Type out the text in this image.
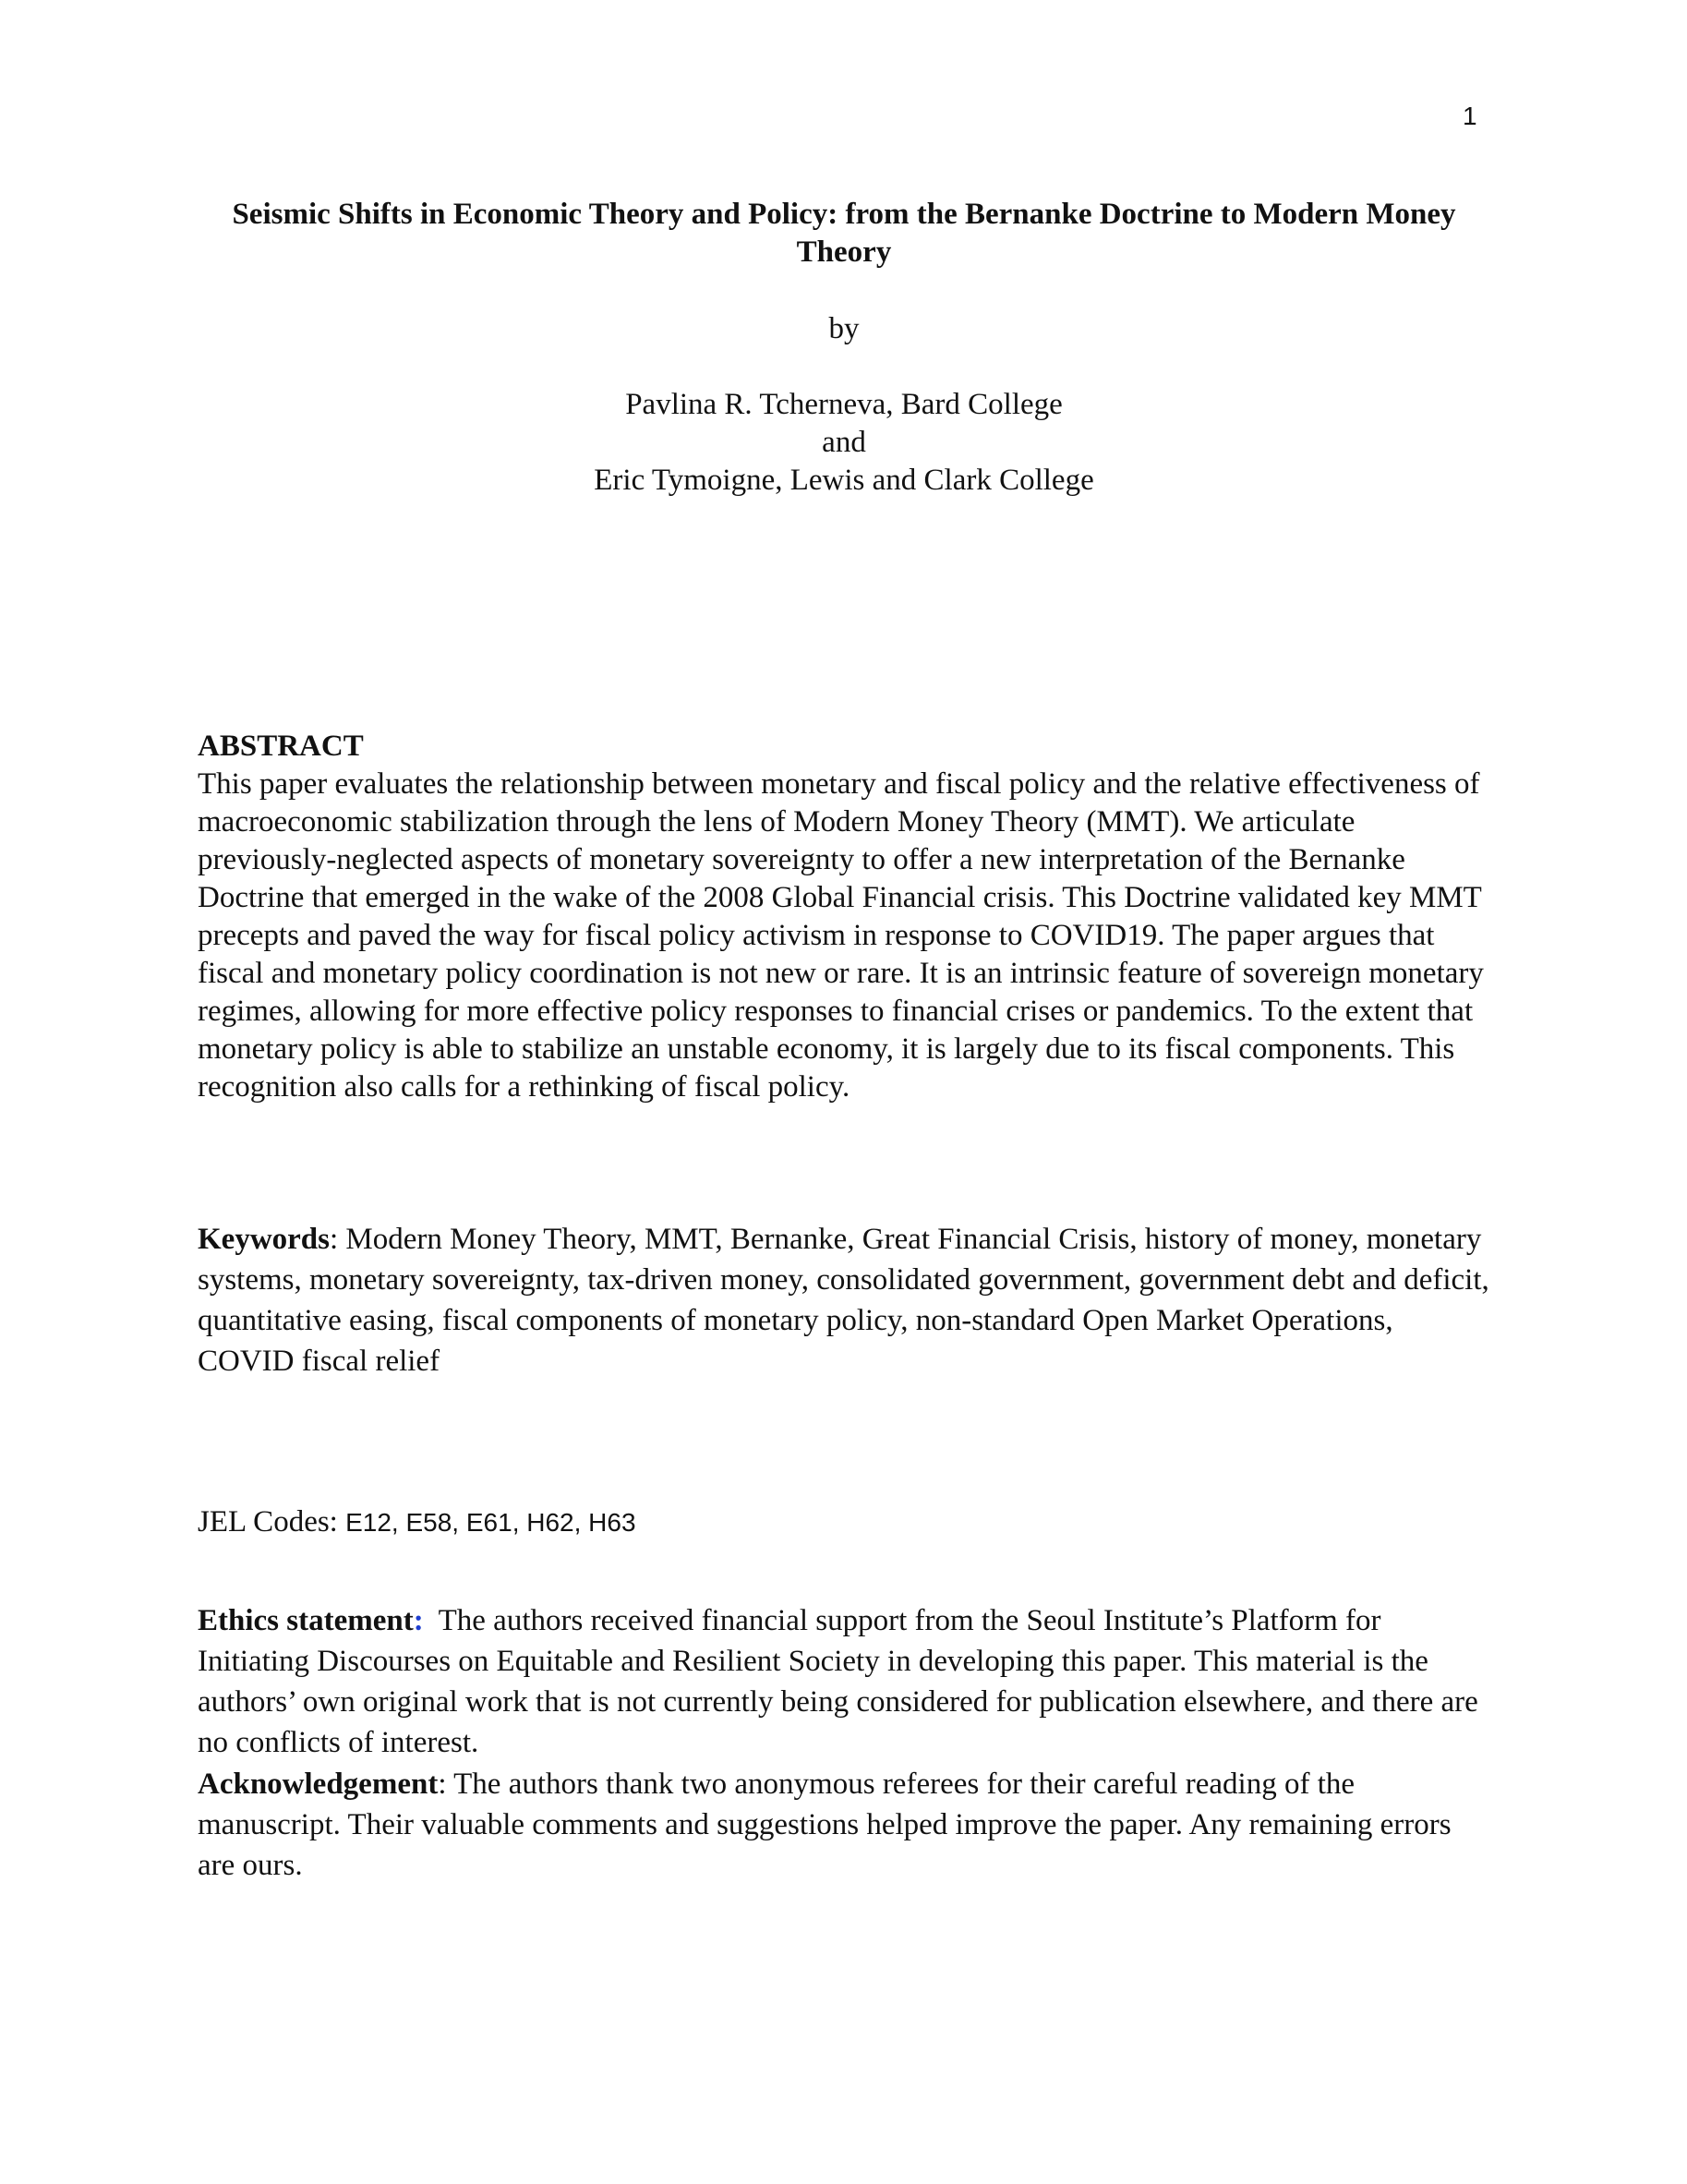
1
Seismic Shifts in Economic Theory and Policy: from the Bernanke Doctrine to Modern Money Theory
by
Pavlina R. Tcherneva, Bard College
and
Eric Tymoigne, Lewis and Clark College
ABSTRACT
This paper evaluates the relationship between monetary and fiscal policy and the relative effectiveness of macroeconomic stabilization through the lens of Modern Money Theory (MMT). We articulate previously-neglected aspects of monetary sovereignty to offer a new interpretation of the Bernanke Doctrine that emerged in the wake of the 2008 Global Financial crisis. This Doctrine validated key MMT precepts and paved the way for fiscal policy activism in response to COVID19. The paper argues that fiscal and monetary policy coordination is not new or rare. It is an intrinsic feature of sovereign monetary regimes, allowing for more effective policy responses to financial crises or pandemics. To the extent that monetary policy is able to stabilize an unstable economy, it is largely due to its fiscal components. This recognition also calls for a rethinking of fiscal policy.
Keywords: Modern Money Theory, MMT, Bernanke, Great Financial Crisis, history of money, monetary systems, monetary sovereignty, tax-driven money, consolidated government, government debt and deficit, quantitative easing, fiscal components of monetary policy, non-standard Open Market Operations, COVID fiscal relief
JEL Codes: E12, E58, E61, H62, H63
Ethics statement:  The authors received financial support from the Seoul Institute’s Platform for Initiating Discourses on Equitable and Resilient Society in developing this paper. This material is the authors’ own original work that is not currently being considered for publication elsewhere, and there are no conflicts of interest.
Acknowledgement: The authors thank two anonymous referees for their careful reading of the manuscript. Their valuable comments and suggestions helped improve the paper. Any remaining errors are ours.
